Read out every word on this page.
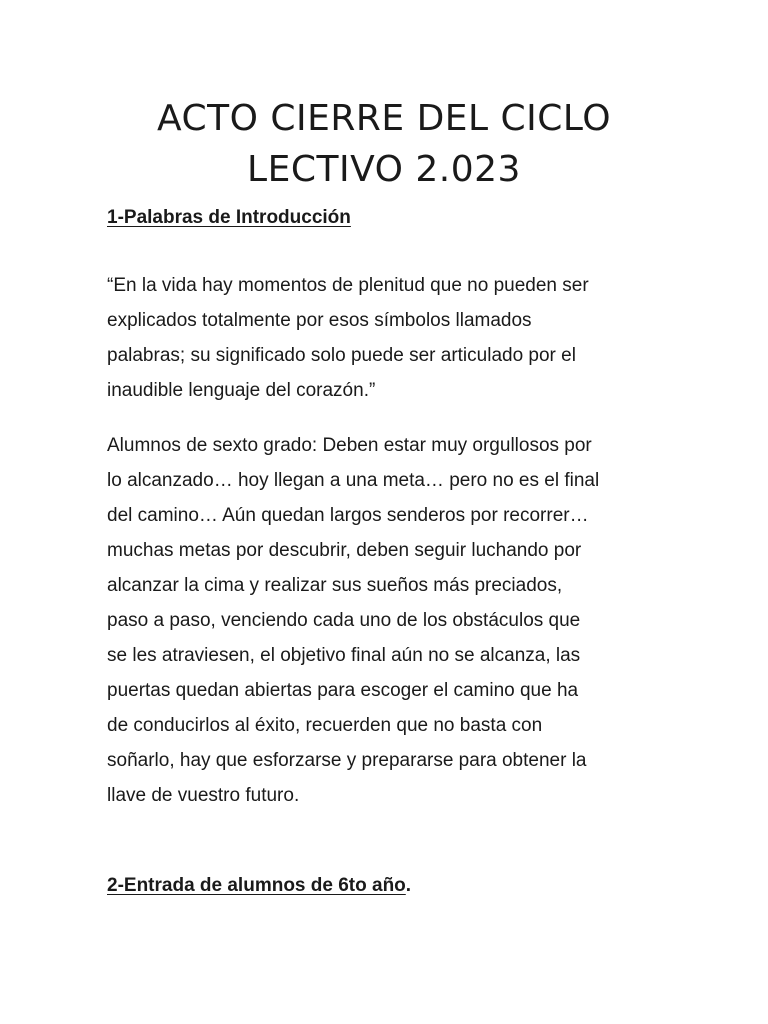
ACTO CIERRE DEL CICLO
LECTIVO 2.023
1-Palabras de Introducción

“En la vida hay momentos de plenitud que no pueden ser
explicados totalmente por esos símbolos llamados
palabras; su significado solo puede ser articulado por el
inaudible lenguaje del corazón.”

Alumnos de sexto grado: Deben estar muy orgullosos por
lo alcanzado… hoy llegan a una meta… pero no es el final
del camino… Aún quedan largos senderos por recorrer…
muchas metas por descubrir, deben seguir luchando por
alcanzar la cima y realizar sus sueños más preciados,
paso a paso, venciendo cada uno de los obstáculos que
se les atraviesen, el objetivo final aún no se alcanza, las
puertas quedan abiertas para escoger el camino que ha
de conducirlos al éxito, recuerden que no basta con
soñarlo, hay que esforzarse y prepararse para obtener la
llave de vuestro futuro.

2-Entrada de alumnos de 6to año.
